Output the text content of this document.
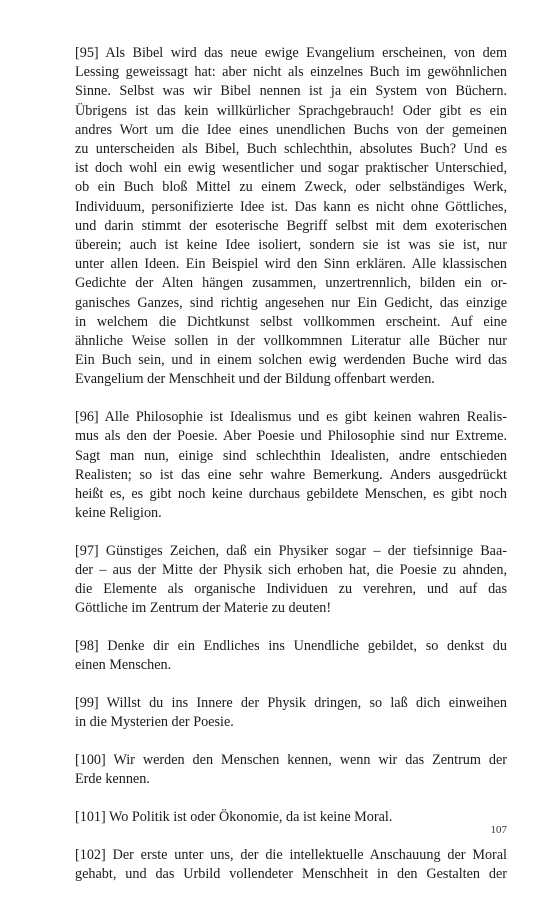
[95] Als Bibel wird das neue ewige Evangelium erscheinen, von dem
Lessing geweissagt hat: aber nicht als einzelnes Buch im gewöhnlichen
Sinne. Selbst was wir Bibel nennen ist ja ein System von Büchern.
Übrigens ist das kein willkürlicher Sprachgebrauch! Oder gibt es ein
andres Wort um die Idee eines unendlichen Buchs von der gemeinen
zu unterscheiden als Bibel, Buch schlechthin, absolutes Buch? Und es
ist doch wohl ein ewig wesentlicher und sogar praktischer Unterschied,
ob ein Buch bloß Mittel zu einem Zweck, oder selbständiges Werk,
Individuum, personifizierte Idee ist. Das kann es nicht ohne Göttliches,
und darin stimmt der esoterische Begriff selbst mit dem exoterischen
überein; auch ist keine Idee isoliert, sondern sie ist was sie ist, nur
unter allen Ideen. Ein Beispiel wird den Sinn erklären. Alle klassischen
Gedichte der Alten hängen zusammen, unzertrennlich, bilden ein or-
ganisches Ganzes, sind richtig angesehen nur Ein Gedicht, das einzige
in welchem die Dichtkunst selbst vollkommen erscheint. Auf eine
ähnliche Weise sollen in der vollkommnen Literatur alle Bücher nur
Ein Buch sein, und in einem solchen ewig werdenden Buche wird das
Evangelium der Menschheit und der Bildung offenbart werden.

[96] Alle Philosophie ist Idealismus und es gibt keinen wahren Realis-
mus als den der Poesie. Aber Poesie und Philosophie sind nur Extreme.
Sagt man nun, einige sind schlechthin Idealisten, andre entschieden
Realisten; so ist das eine sehr wahre Bemerkung. Anders ausgedrückt
heißt es, es gibt noch keine durchaus gebildete Menschen, es gibt noch
keine Religion.

[97] Günstiges Zeichen, daß ein Physiker sogar – der tiefsinnige Baa-
der – aus der Mitte der Physik sich erhoben hat, die Poesie zu ahnden,
die Elemente als organische Individuen zu verehren, und auf das
Göttliche im Zentrum der Materie zu deuten!

[98] Denke dir ein Endliches ins Unendliche gebildet, so denkst du
einen Menschen.

[99] Willst du ins Innere der Physik dringen, so laß dich einweihen
in die Mysterien der Poesie.

[100] Wir werden den Menschen kennen, wenn wir das Zentrum der
Erde kennen.

[101] Wo Politik ist oder Ökonomie, da ist keine Moral.

[102] Der erste unter uns, der die intellektuelle Anschauung der Moral
gehabt, und das Urbild vollendeter Menschheit in den Gestalten der

107
